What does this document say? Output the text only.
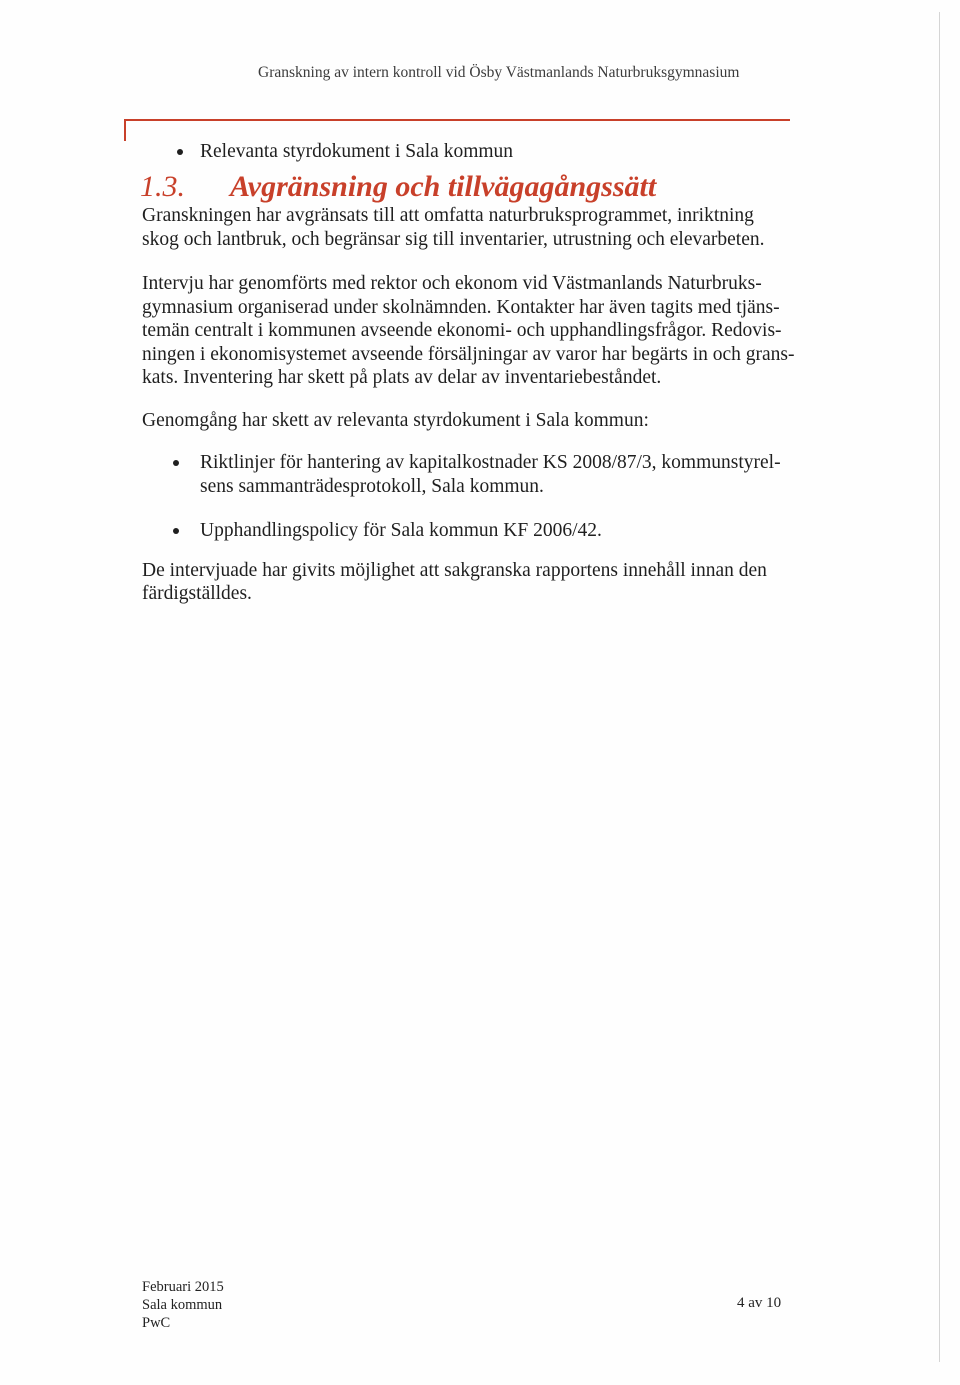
Granskning av intern kontroll vid Ösby Västmanlands Naturbruksgymnasium
Relevanta styrdokument i Sala kommun
1.3. Avgränsning och tillvägagångssätt
Granskningen har avgränsats till att omfatta naturbruksprogrammet, inriktning
skog och lantbruk, och begränsar sig till inventarier, utrustning och elevarbeten.
Intervju har genomförts med rektor och ekonom vid Västmanlands Naturbruks-
gymnasium organiserad under skolnämnden. Kontakter har även tagits med tjäns-
temän centralt i kommunen avseende ekonomi- och upphandlingsfrågor. Redovis-
ningen i ekonomisystemet avseende försäljningar av varor har begärts in och grans-
kats. Inventering har skett på plats av delar av inventariebeståndet.
Genomgång har skett av relevanta styrdokument i Sala kommun:
Riktlinjer för hantering av kapitalkostnader KS 2008/87/3, kommunstyrel-
sens sammanträdesprotokoll, Sala kommun.
Upphandlingspolicy för Sala kommun KF 2006/42.
De intervjuade har givits möjlighet att sakgranska rapportens innehåll innan den
färdigställdes.
Februari 2015
Sala kommun
PwC
4 av 10
